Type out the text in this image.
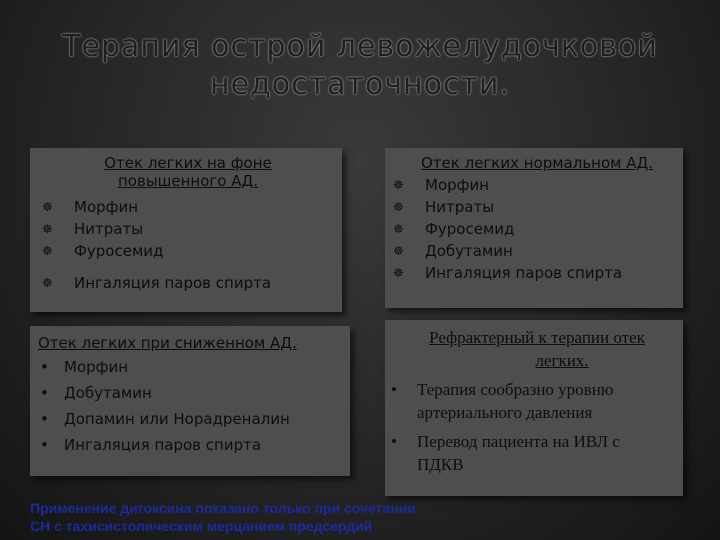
Терапия острой левожелудочковой
недостаточности.
Отек легких на фоне
повышенного АД.
☸ Морфин
☸ Нитраты
☸ Фуросемид
☸ Ингаляция паров спирта
Отек легких нормальном АД.
☸ Морфин
☸ Нитраты
☸ Фуросемид
☸ Добутамин
☸ Ингаляция паров спирта
Отек легких при сниженном АД.
• Морфин
• Добутамин
• Допамин или Норадреналин
• Ингаляция паров спирта
Рефрактерный к терапии отек
легких.
• Терапия сообразно уровню
артериального давления
• Перевод пациента на ИВЛ с
ПДКВ
Применение дигоксина показано только при сочетании
СН с тахисистолическим мерцанием предсердий.
